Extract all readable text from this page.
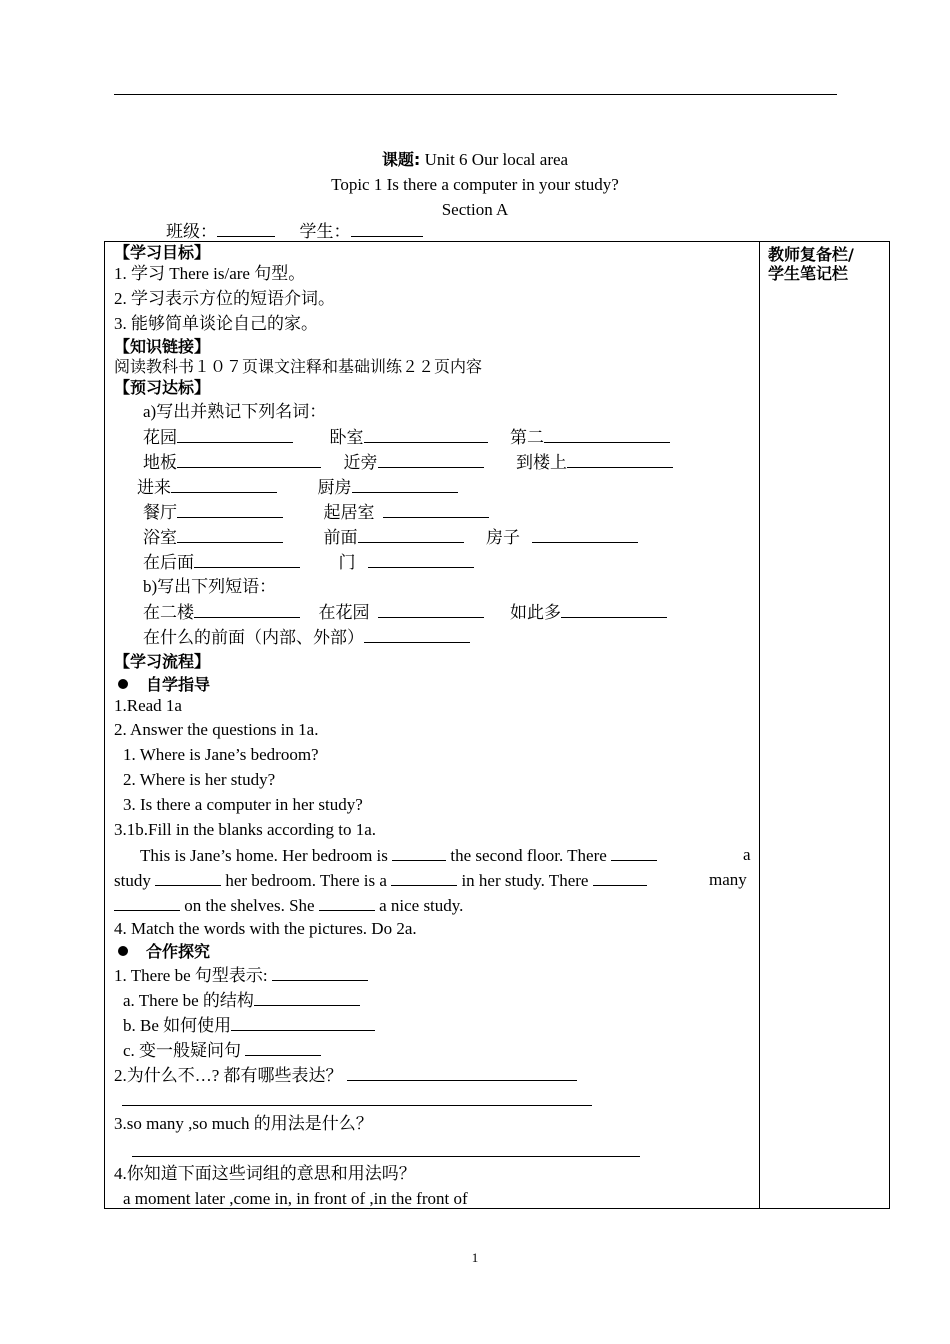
课题: Unit 6 Our local area
Topic 1 Is there a computer in your study?
Section A
班级：	学生：
教师复备栏/
学生笔记栏
【学习目标】
1. 学习 There is/are 句型。
2. 学习表示方位的短语介词。
3. 能够简单谈论自己的家。
【知识链接】
阅读教科书１０７页课文注释和基础训练２２页内容
【预习达标】
a)写出并熟记下列名词：
花园	卧室	第二
地板	近旁	到楼上
进来	厨房
餐厅	起居室
浴室	前面	房子
在后面	门
b)写出下列短语：
在二楼	在花园	如此多
在什么的前面（内部、外部）
【学习流程】
自学指导
1.Read 1a
2. Answer the questions in 1a.
1. Where is Jane’s bedroom?
2. Where is her study?
3. Is there a computer in her study?
3.1b.Fill in the blanks according to 1a.
This is Jane’s home. Her bedroom is	the second floor. There	a
study	her bedroom. There is a	in her study. There	many
on the shelves. She	a nice study.
4. Match the words with the pictures. Do 2a.
合作探究
1. There be 句型表示:
a. There be 的结构
b. Be 如何使用
c. 变一般疑问句
2.为什么不…? 都有哪些表达？
3.so many ,so much 的用法是什么？
4.你知道下面这些词组的意思和用法吗？
a moment later ,come in, in front of ,in the front of
1
